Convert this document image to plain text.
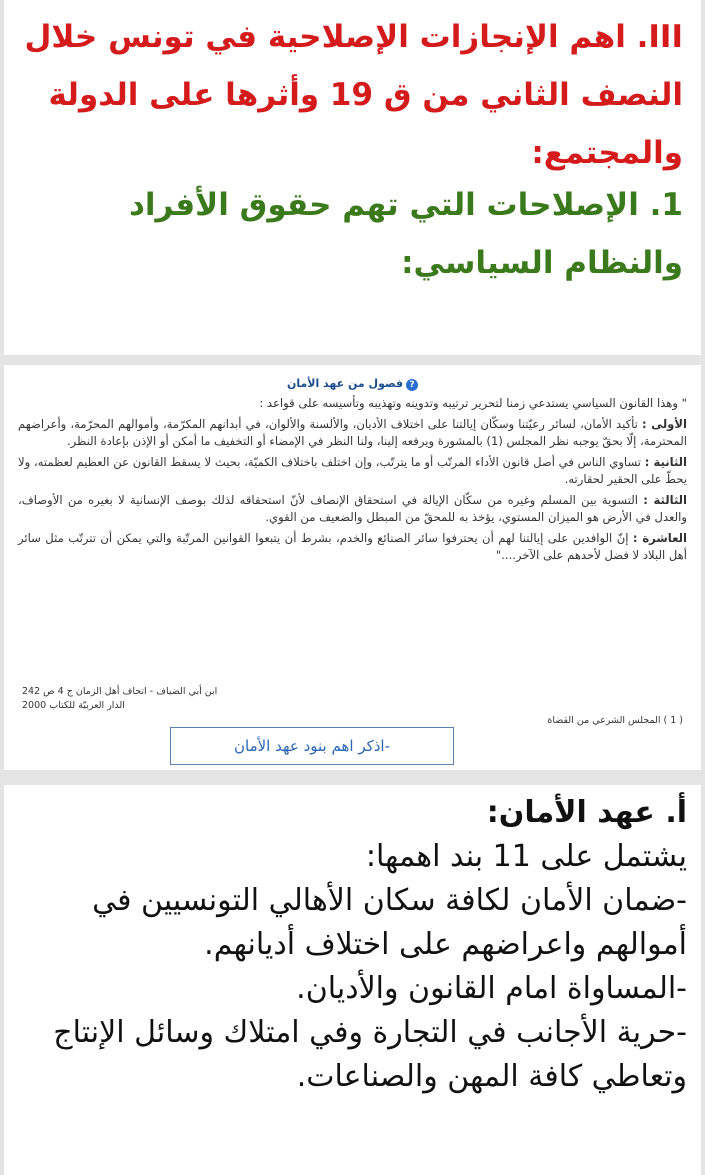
III. اهم الإنجازات الإصلاحية في تونس خلال النصف الثاني من ق 19 وأثرها على الدولة والمجتمع:
1. الإصلاحات التي تهم حقوق الأفراد والنظام السياسي:
فصول من عهد الأمان ?

" وهذا القانون السياسي يستدعي زمنا لتحرير ترتيبه وتدوينه وتهذيبه وتأسيسه على قواعد :

الأولى : تأكيد الأمان، لسائر رعيّتنا وسكّان إيالتنا على اختلاف الأديان، والألسنة والألوان، في أبدانهم المكرّمة، وأموالهم المحرّمة، وأعراضهم المحترمة، إلّا بحقّ يوجبه نظر المجلس (1) بالمشورة ويرفعه إلينا، ولنا النظر في الإمضاء أو التخفيف ما أمكن أو الإذن بإعادة النظر.

الثانية : تساوي الناس في أصل قانون الأداء المرتّب أو ما يترتّب، وإن اختلف باختلاف الكميّة، بحيث لا يسقط القانون عن العظيم لعظمته، ولا يحطّ على الحقير لحقارته.

الثالثة : التسوية بين المسلم وغيره من سكّان الإيالة في استحقاق الإنصاف لأنّ استحقاقه لذلك بوصف الإنسانية لا بغيره من الأوصاف، والعدل في الأرض هو الميزان المستوي، يؤخذ به للمحقّ من المبطل والضعيف من القوي.

العاشرة : إنّ الوافدين على إيالتنا لهم أن يحترفوا سائر الصنائع والخدم، بشرط أن يتبعوا القوانين المرتّبة والتي يمكن أن تترتّب مثل سائر أهل البلاد لا فضل لأحدهم على الآخر...."

ابن أبي الضياف - اتحاف أهل الزمان ج 4 ص 242
الدار العربيّة للكتاب 2000
( 1 ) المجلس الشرعي من القضاة
-اذكر اهم بنود عهد الأمان
أ. عهد الأمان:
يشتمل على 11 بند اهمها:
-ضمان الأمان لكافة سكان الأهالي التونسيين في أموالهم واعراضهم على اختلاف أديانهم.
-المساواة امام القانون والأديان.
-حرية الأجانب في التجارة وفي امتلاك وسائل الإنتاج وتعاطي كافة المهن والصناعات.
